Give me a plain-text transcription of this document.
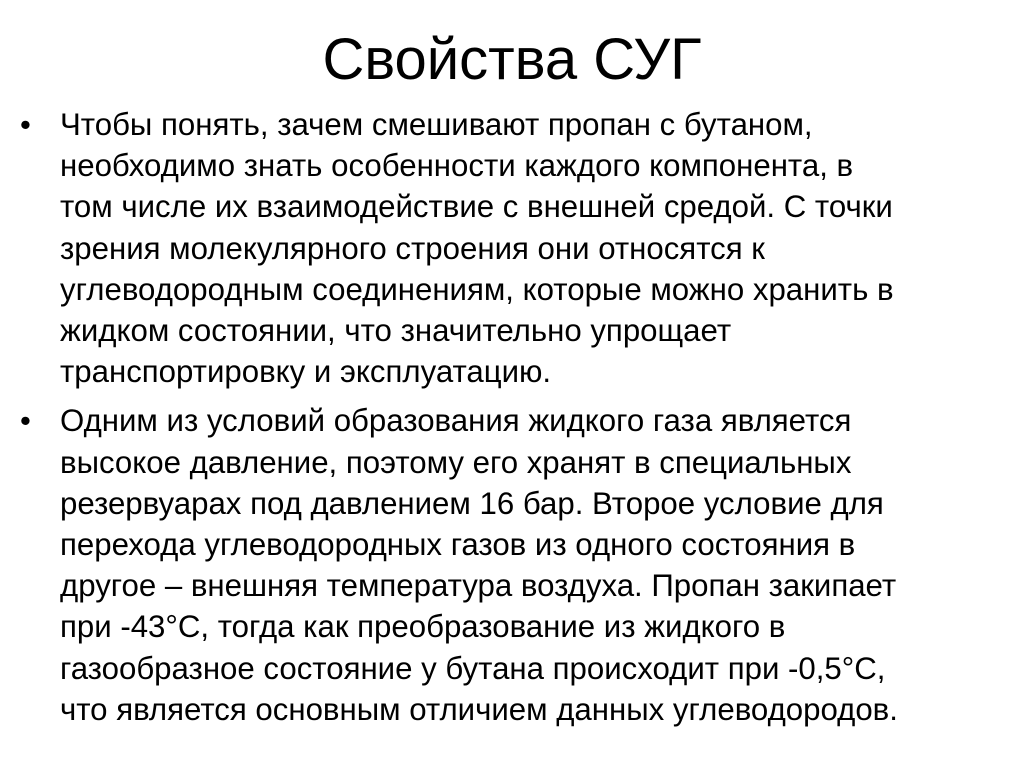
Свойства СУГ
• Чтобы понять, зачем смешивают пропан с бутаном,
необходимо знать особенности каждого компонента, в
том числе их взаимодействие с внешней средой. С точки
зрения молекулярного строения они относятся к
углеводородным соединениям, которые можно хранить в
жидком состоянии, что значительно упрощает
транспортировку и эксплуатацию.
• Одним из условий образования жидкого газа является
высокое давление, поэтому его хранят в специальных
резервуарах под давлением 16 бар. Второе условие для
перехода углеводородных газов из одного состояния в
другое – внешняя температура воздуха. Пропан закипает
при -43°С, тогда как преобразование из жидкого в
газообразное состояние у бутана происходит при -0,5°С,
что является основным отличием данных углеводородов.
